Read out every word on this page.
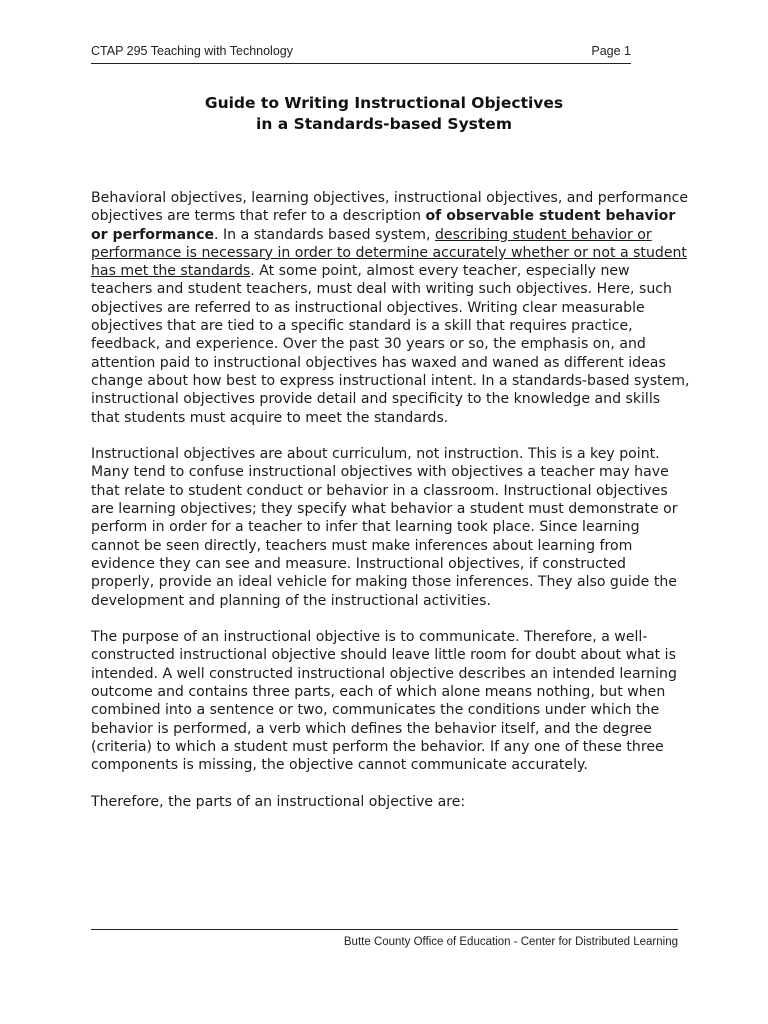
CTAP 295 Teaching with Technology	Page 1
Guide to Writing Instructional Objectives
in a Standards-based System

Behavioral objectives, learning objectives, instructional objectives, and performance objectives are terms that refer to a description of observable student behavior or performance. In a standards based system, describing student behavior or performance is necessary in order to determine accurately whether or not a student has met the standards. At some point, almost every teacher, especially new teachers and student teachers, must deal with writing such objectives. Here, such objectives are referred to as instructional objectives. Writing clear measurable objectives that are tied to a specific standard is a skill that requires practice, feedback, and experience. Over the past 30 years or so, the emphasis on, and attention paid to instructional objectives has waxed and waned as different ideas change about how best to express instructional intent. In a standards-based system, instructional objectives provide detail and specificity to the knowledge and skills that students must acquire to meet the standards.

Instructional objectives are about curriculum, not instruction. This is a key point. Many tend to confuse instructional objectives with objectives a teacher may have that relate to student conduct or behavior in a classroom. Instructional objectives are learning objectives; they specify what behavior a student must demonstrate or perform in order for a teacher to infer that learning took place. Since learning cannot be seen directly, teachers must make inferences about learning from evidence they can see and measure. Instructional objectives, if constructed properly, provide an ideal vehicle for making those inferences. They also guide the development and planning of the instructional activities.

The purpose of an instructional objective is to communicate. Therefore, a well-constructed instructional objective should leave little room for doubt about what is intended. A well constructed instructional objective describes an intended learning outcome and contains three parts, each of which alone means nothing, but when combined into a sentence or two, communicates the conditions under which the behavior is performed, a verb which defines the behavior itself, and the degree (criteria) to which a student must perform the behavior. If any one of these three components is missing, the objective cannot communicate accurately.

Therefore, the parts of an instructional objective are:

Butte County Office of Education - Center for Distributed Learning
